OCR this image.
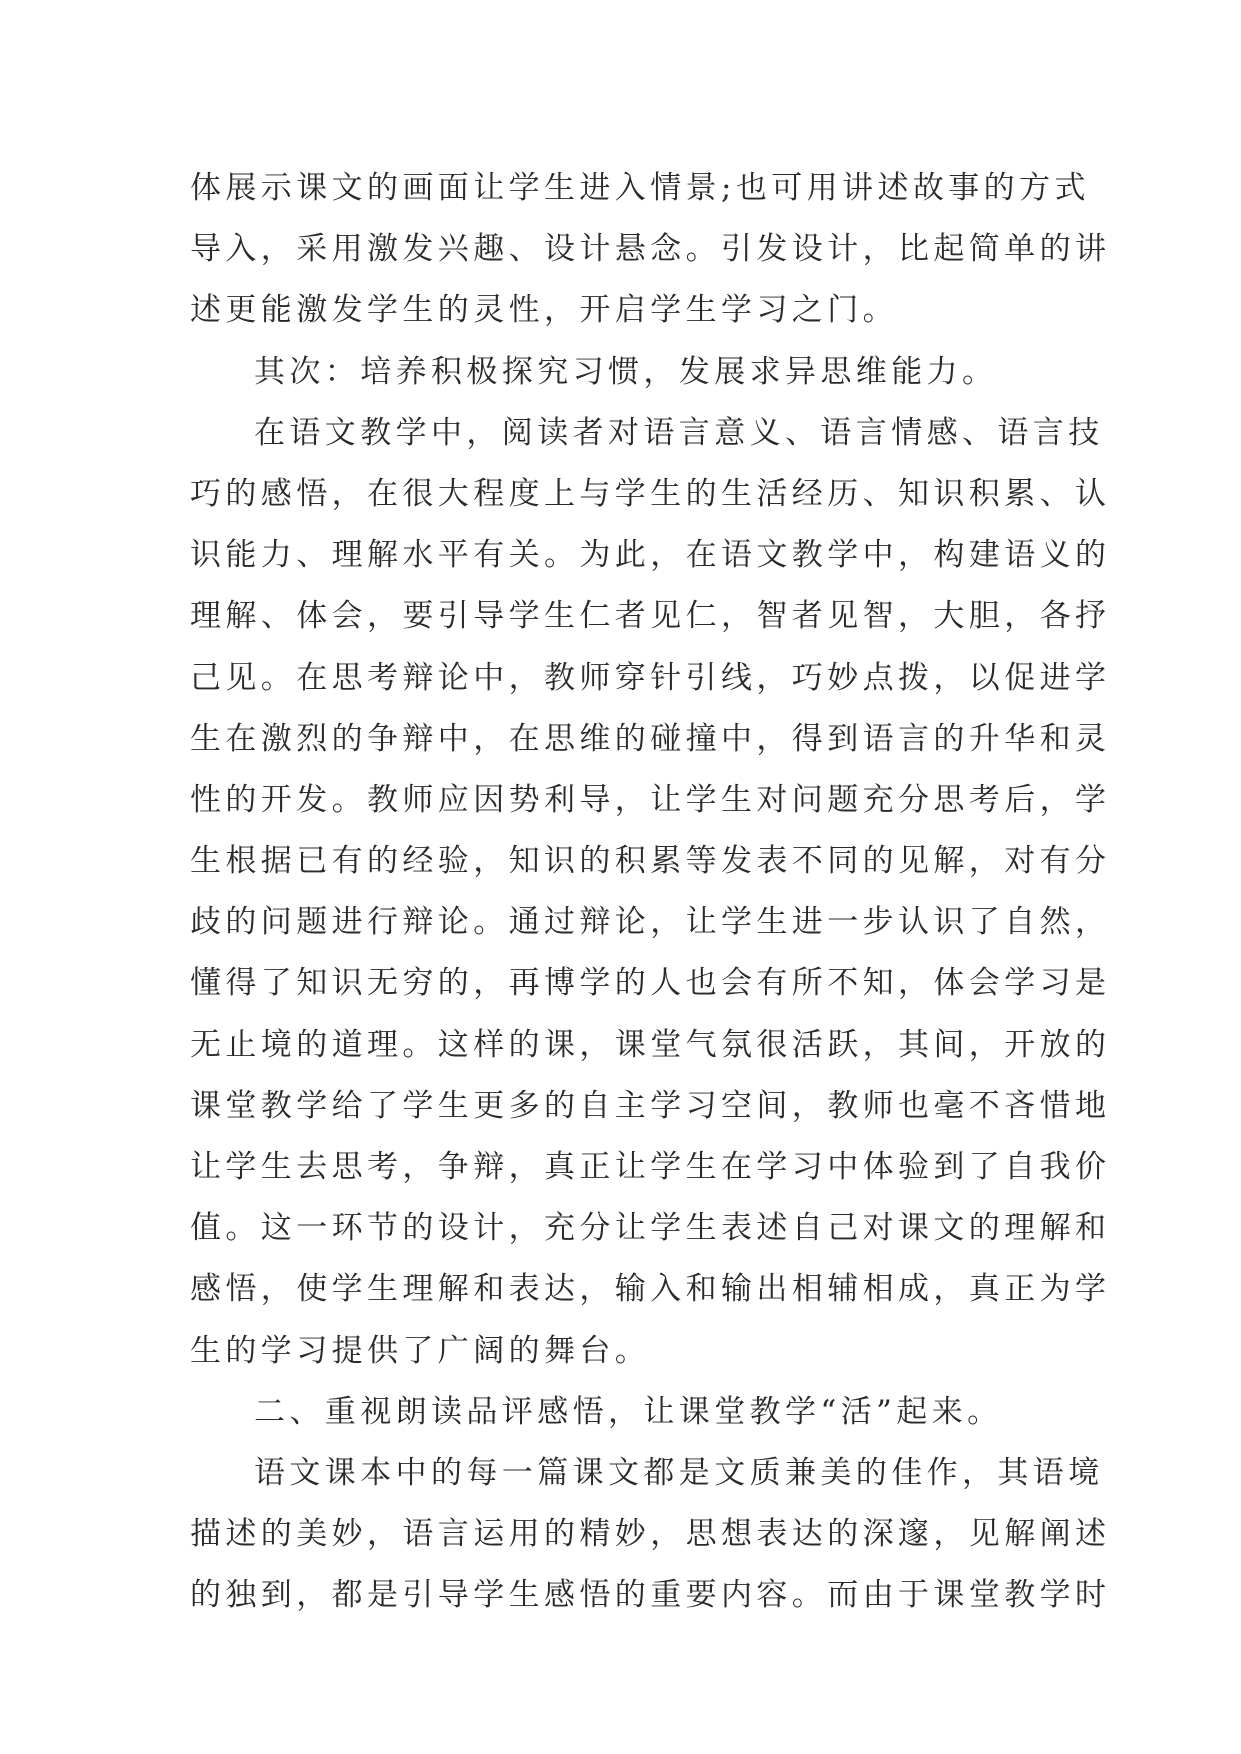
体展示课文的画面让学生进入情景;也可用讲述故事的方式
导入，采用激发兴趣、设计悬念。引发设计，比起简单的讲
述更能激发学生的灵性，开启学生学习之门。
其次：培养积极探究习惯，发展求异思维能力。
在语文教学中，阅读者对语言意义、语言情感、语言技
巧的感悟，在很大程度上与学生的生活经历、知识积累、认
识能力、理解水平有关。为此，在语文教学中，构建语义的
理解、体会，要引导学生仁者见仁，智者见智，大胆，各抒
己见。在思考辩论中，教师穿针引线，巧妙点拨，以促进学
生在激烈的争辩中，在思维的碰撞中，得到语言的升华和灵
性的开发。教师应因势利导，让学生对问题充分思考后，学
生根据已有的经验，知识的积累等发表不同的见解，对有分
歧的问题进行辩论。通过辩论，让学生进一步认识了自然，
懂得了知识无穷的，再博学的人也会有所不知，体会学习是
无止境的道理。这样的课，课堂气氛很活跃，其间，开放的
课堂教学给了学生更多的自主学习空间，教师也毫不吝惜地
让学生去思考，争辩，真正让学生在学习中体验到了自我价
值。这一环节的设计，充分让学生表述自己对课文的理解和
感悟，使学生理解和表达，输入和输出相辅相成，真正为学
生的学习提供了广阔的舞台。
二、重视朗读品评感悟，让课堂教学“活”起来。
语文课本中的每一篇课文都是文质兼美的佳作，其语境
描述的美妙，语言运用的精妙，思想表达的深邃，见解阐述
的独到，都是引导学生感悟的重要内容。而由于课堂教学时
